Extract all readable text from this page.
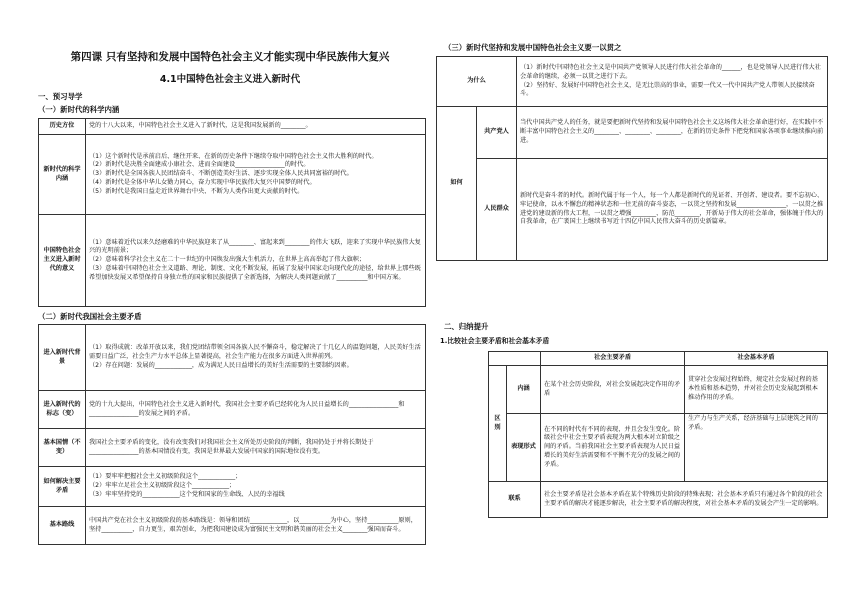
第四课 只有坚持和发展中国特色社会主义才能实现中华民族伟大复兴
4.1中国特色社会主义进入新时代
一、预习导学
（一）新时代的科学内涵
历史方位	党的十八大以来，中国特色社会主义进入了新时代，这是我国发展新的________。
新时代的科学内涵	（1）这个新时代是承前启后、继往开来、在新的历史条件下继续夺取中国特色社会主义伟大胜利的时代。
（2）新时代是决胜全面建成小康社会、进而全面建设________________的时代。
（3）新时代是全国各族人民团结奋斗、不断创造美好生活、逐步实现全体人民共同富裕的时代。
（4）新时代是全体中华儿女勠力同心，奋力实现中华民族伟大复兴中国梦的时代。
（5）新时代是我国日益走近世界舞台中央、不断为人类作出更大贡献的时代。

中国特色社会主义进入新时代的意义	（1）意味着近代以来久经磨难的中华民族迎来了从________、富起来到________的伟大飞跃，迎来了实现中华民族伟大复兴的光明前景；
（2）意味着科学社会主义在二十一世纪的中国焕发出强大生机活力，在世界上高高举起了伟大旗帜；
（3）意味着中国特色社会主义道路、理论、制度、文化不断发展，拓展了发展中国家走向现代化的途径，给世界上那些既希望加快发展又希望保持自身独立性的国家和民族提供了全新选择，为解决人类问题贡献了__________和中国方案。
（二）新时代我国社会主要矛盾
进入新时代背景	（1）取得成就：改革开放以来，我们党团结带领全国各族人民不懈奋斗，稳定解决了十几亿人的温饱问题，人民美好生活需要日益广泛，社会生产力水平总体上显著提高，社会生产能力在很多方面进入世界前列。
（2）存在问题：发展的____________，成为满足人民日益增长的美好生活需要的主要制约因素。

进入新时代的标志（变）	党的十九大提出，中国特色社会主义进入新时代，我国社会主要矛盾已经转化为人民日益增长的________________和________________的发展之间的矛盾。
基本国情（不变）	我国社会主要矛盾的变化，没有改变我们对我国社会主义所处历史阶段的判断，我国仍处于并将长期处于________________的基本国情没有变，我国是世界最大发展中国家的国际地位没有变。
如何解决主要矛盾	（1）要牢牢把握社会主义初级阶段这个____________；
（2）牢牢立足社会主义初级阶段这个____________；
（3）牢牢坚持党的____________这个党和国家的生命线、人民的幸福线

基本路线	中国共产党在社会主义初级阶段的基本路线是：领导和团结____________，以__________为中心，坚持__________原则，坚持__________，自力更生，艰苦创业，为把我国建设成为富强民主文明和谐美丽的社会主义________强国而奋斗。
（三）新时代坚持和发展中国特色社会主义要一以贯之
为什么		（1）新时代中国特色社会主义是中国共产党领导人民进行伟大社会革命的______，也是党领导人民进行伟大社会革命的继续，必须一以贯之进行下去。
（2）坚持好、发展好中国特色社会主义，是无比崇高的事业，需要一代又一代中国共产党人带领人民接续奋斗。

如何	共产党人	当代中国共产党人的任务，就是要把新时代坚持和发展中国特色社会主义这场伟大社会革命进行好，在实践中不断丰富中国特色社会主义的________、________、________，在新的历史条件下把党和国家各项事业继续推向前进。
	人民群众	新时代是奋斗者的时代。新时代属于每一个人，每一个人都是新时代的见证者、开创者、建设者。要不忘初心、牢记使命，以永不懈怠的精神状态和一往无前的奋斗姿态，一以贯之坚持和发展________________，一以贯之推进党的建设新的伟大工程，一以贯之增强________、防范________，开新局于伟大的社会革命，强体魄于伟大的自我革命，在广袤国土上继续书写近十四亿中国人民伟大奋斗的历史新篇章。
二、归纳提升
1.比较社会主要矛盾和社会基本矛盾
		社会主要矛盾	社会基本矛盾
区别	内涵	在某个社会历史阶段，对社会发展起决定作用的矛盾	贯穿社会发展过程始终，规定社会发展过程的基本性质和基本趋势，并对社会历史发展起到根本推动作用的矛盾。
	表现形式	在不同的时代有不同的表现，并且会发生变化。阶级社会中社会主要矛盾表现为两大根本对立阶级之间的矛盾。当前我国社会主要矛盾表现为人民日益增长的美好生活需要和不平衡不充分的发展之间的矛盾。	生产力与生产关系，经济基础与上层建筑之间的矛盾。
联系		社会主要矛盾是社会基本矛盾在某个特殊历史阶段的特殊表现；社会基本矛盾只有通过各个阶段的社会主要矛盾的解决才能逐步解决，社会主要矛盾的解决程度，对社会基本矛盾的发展会产生一定的影响。	
